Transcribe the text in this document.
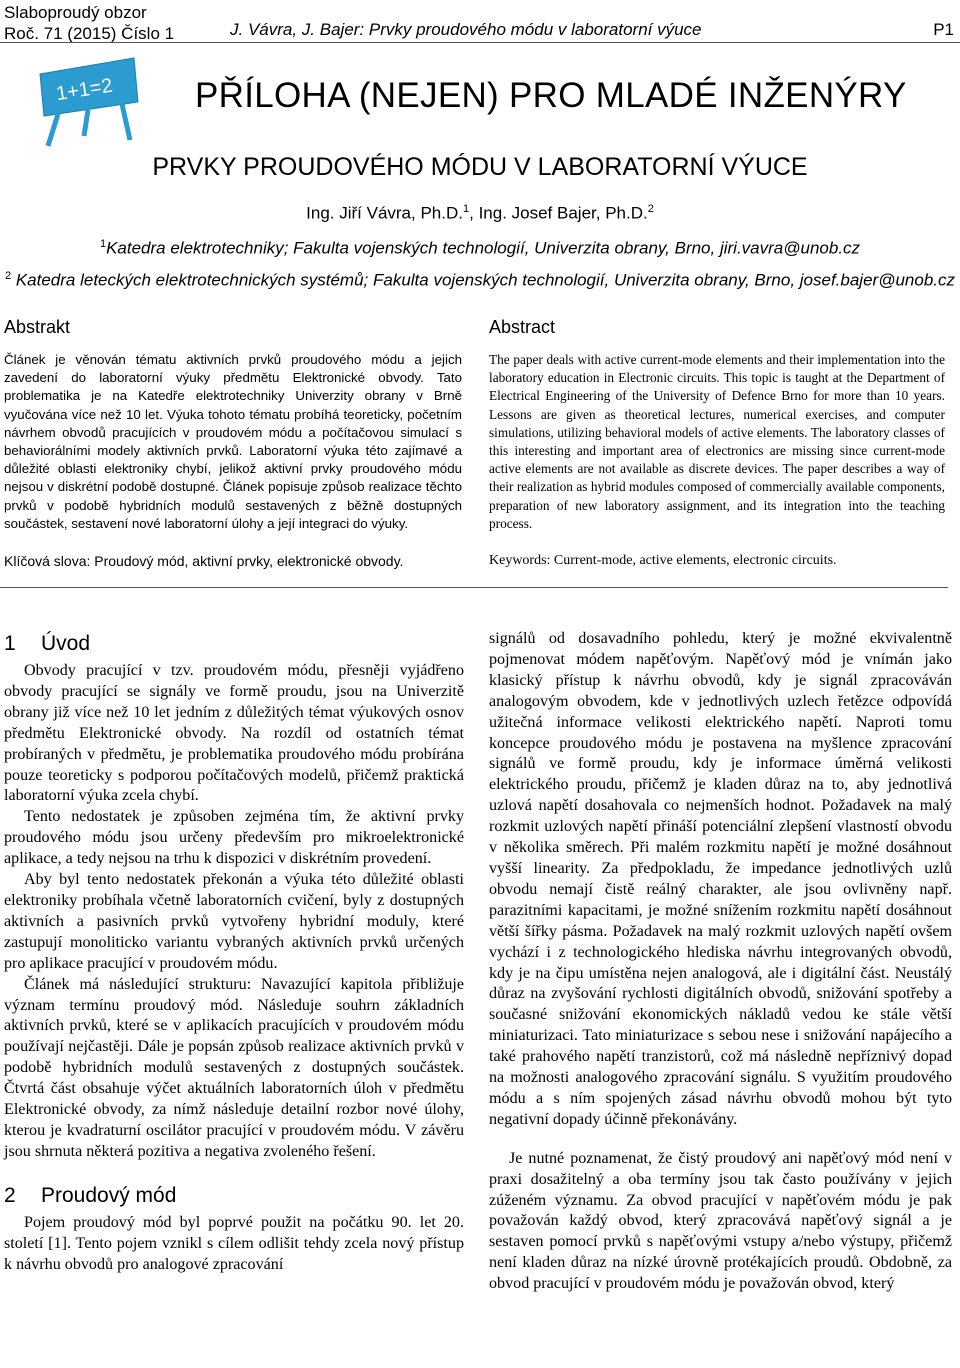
Slaboproudý obzor
Roč. 71 (2015) Číslo 1	J. Vávra, J. Bajer: Prvky proudového módu v laboratorní výuce	P1
1+1=2 PŘÍLOHA (NEJEN) PRO MLADÉ INŽENÝRY
PRVKY PROUDOVÉHO MÓDU V LABORATORNÍ VÝUCE
Ing. Jiří Vávra, Ph.D.$^1$, Ing. Josef Bajer, Ph.D.$^2$
$^1$Katedra elektrotechniky; Fakulta vojenských technologií, Univerzita obrany, Brno, jiri.vavra@unob.cz
$^2$ Katedra leteckých elektrotechnických systémů; Fakulta vojenských technologií, Univerzita obrany, Brno, josef.bajer@unob.cz
Abstrakt
Článek je věnován tématu aktivních prvků proudového módu a jejich zavedení do laboratorní výuky předmětu Elektronické obvody. Tato problematika je na Katedře elektrotechniky Univerzity obrany v Brně vyučována více než 10 let. Výuka tohoto tématu probíhá teoreticky, početním návrhem obvodů pracujících v proudovém módu a počítačovou simulací s behaviorálními modely aktivních prvků. Laboratorní výuka této zajímavé a důležité oblasti elektroniky chybí, jelikož aktivní prvky proudového módu nejsou v diskrétní podobě dostupné. Článek popisuje způsob realizace těchto prvků v podobě hybridních modulů sestavených z běžně dostupných součástek, sestavení nové laboratorní úlohy a její integraci do výuky.
Klíčová slova: Proudový mód, aktivní prvky, elektronické obvody.
Abstract
The paper deals with active current-mode elements and their implementation into the laboratory education in Electronic circuits. This topic is taught at the Department of Electrical Engineering of the University of Defence Brno for more than 10 years. Lessons are given as theoretical lectures, numerical exercises, and computer simulations, utilizing behavioral models of active elements. The laboratory classes of this interesting and important area of electronics are missing since current-mode active elements are not available as discrete devices. The paper describes a way of their realization as hybrid modules composed of commercially available components, preparation of new laboratory assignment, and its integration into the teaching process.
Keywords: Current-mode, active elements, electronic circuits.
1 Úvod

Obvody pracující v tzv. proudovém módu, přesněji vyjádřeno obvody pracující se signály ve formě proudu, jsou na Univerzitě obrany již více než 10 let jedním z důležitých témat výukových osnov předmětu Elektronické obvody. Na rozdíl od ostatních témat probíraných v předmětu, je problematika proudového módu probírána pouze teoreticky s podporou počítačových modelů, přičemž praktická laboratorní výuka zcela chybí.

Tento nedostatek je způsoben zejména tím, že aktivní prvky proudového módu jsou určeny především pro mikroelektronické aplikace, a tedy nejsou na trhu k dispozici v diskrétním provedení.

Aby byl tento nedostatek překonán a výuka této důležité oblasti elektroniky probíhala včetně laboratorních cvičení, byly z dostupných aktivních a pasivních prvků vytvořeny hybridní moduly, které zastupují monoliticko variantu vybraných aktivních prvků určených pro aplikace pracující v proudovém módu.

Článek má následující strukturu: Navazující kapitola přibližuje význam termínu proudový mód. Následuje souhrn základních aktivních prvků, které se v aplikacích pracujících v proudovém módu používají nejčastěji. Dále je popsán způsob realizace aktivních prvků v podobě hybridních modulů sestavených z dostupných součástek. Čtvrtá část obsahuje výčet aktuálních laboratorních úloh v předmětu Elektronické obvody, za nímž následuje detailní rozbor nové úlohy, kterou je kvadraturní oscilátor pracující v proudovém módu. V závěru jsou shrnuta některá pozitiva a negativa zvoleného řešení.

2 Proudový mód

Pojem proudový mód byl poprvé použit na počátku 90. let 20. století [1]. Tento pojem vznikl s cílem odlišit tehdy zcela nový přístup k návrhu obvodů pro analogové zpracování

signálů od dosavadního pohledu, který je možné ekvivalentně pojmenovat módem napěťovým. Napěťový mód je vnímán jako klasický přístup k návrhu obvodů, kdy je signál zpracováván analogovým obvodem, kde v jednotlivých uzlech řetězce odpovídá užitečná informace velikosti elektrického napětí. Naproti tomu koncepce proudového módu je postavena na myšlence zpracování signálů ve formě proudu, kdy je informace úměrná velikosti elektrického proudu, přičemž je kladen důraz na to, aby jednotlivá uzlová napětí dosahovala co nejmenších hodnot. Požadavek na malý rozkmit uzlových napětí přináší potenciální zlepšení vlastností obvodu v několika směrech. Při malém rozkmitu napětí je možné dosáhnout vyšší linearity. Za předpokladu, že impedance jednotlivých uzlů obvodu nemají čistě reálný charakter, ale jsou ovlivněny např. parazitními kapacitami, je možné snížením rozkmitu napětí dosáhnout větší šířky pásma. Požadavek na malý rozkmit uzlových napětí ovšem vychází i z technologického hlediska návrhu integrovaných obvodů, kdy je na čipu umístěna nejen analogová, ale i digitální část. Neustálý důraz na zvyšování rychlosti digitálních obvodů, snižování spotřeby a současné snižování ekonomických nákladů vedou ke stále větší miniaturizaci. Tato miniaturizace s sebou nese i snižování napájecího a také prahového napětí tranzistorů, což má následně nepříznivý dopad na možnosti analogového zpracování signálu. S využitím proudového módu a s ním spojených zásad návrhu obvodů mohou být tyto negativní dopady účinně překonávány.

Je nutné poznamenat, že čistý proudový ani napěťový mód není v praxi dosažitelný a oba termíny jsou tak často používány v jejich zúženém významu. Za obvod pracující v napěťovém módu je pak považován každý obvod, který zpracovává napěťový signál a je sestaven pomocí prvků s napěťovými vstupy a/nebo výstupy, přičemž není kladen důraz na nízké úrovně protékajících proudů. Obdobně, za obvod pracující v proudovém módu je považován obvod, který
